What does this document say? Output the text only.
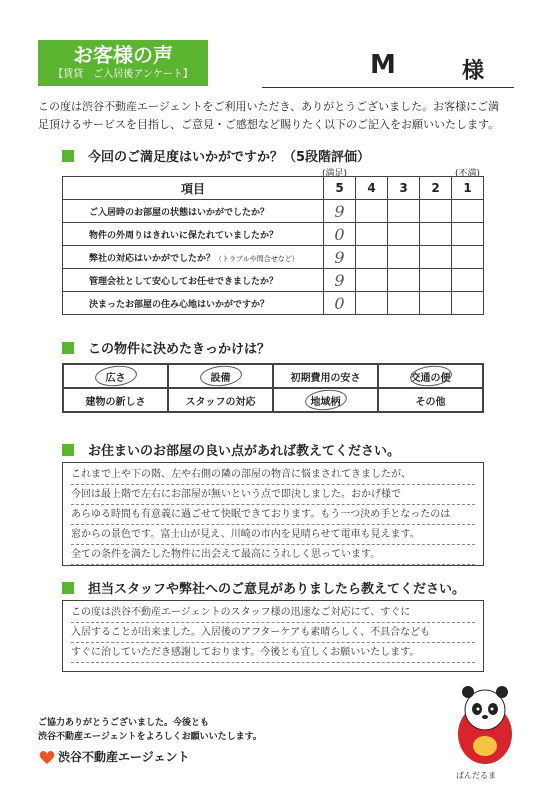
お客様の声
【賃貸　ご入居後アンケート】	M	様
この度は渋谷不動産エージェントをご利用いただき、ありがとうございました。お客様にご満
足頂けるサービスを目指し、ご意見・ご感想など賜りたく以下のご記入をお願いいたします。
今回のご満足度はいかがですか？（5段階評価）
(満足)	(不満)
項目	5	4	3	2	1
ご入居時のお部屋の状態はいかがでしたか？	9				
物件の外周りはきれいに保たれていましたか？	0				
弊社の対応はいかがでしたか？（トラブルや問合せなど）	9				
管理会社として安心してお任せできましたか？	9				
決まったお部屋の住み心地はいかがですか？	0				
この物件に決めたきっかけは？
広さ	設備	初期費用の安さ	交通の便
建物の新しさ	スタッフの対応	地域柄	その他
お住まいのお部屋の良い点があれば教えてください。
これまで上や下の階、左や右側の隣の部屋の物音に悩まされてきましたが、
今回は最上階で左右にお部屋が無いという点で即決しました。おかげ様で
あらゆる時間も有意義に過ごせて快眠できております。もう一つ決め手となったのは
窓からの景色です。富士山が見え、川崎の市内を見晴らせて電車も見えます。
全ての条件を満たした物件に出会えて最高にうれしく思っています。
担当スタッフや弊社へのご意見がありましたら教えてください。
この度は渋谷不動産エージェントのスタッフ様の迅速なご対応にて、すぐに
入居することが出来ました。入居後のアフターケアも素晴らしく、不具合なども
すぐに治していただき感謝しております。今後とも宜しくお願いいたします。
ご協力ありがとうございました。今後とも
渋谷不動産エージェントをよろしくお願いいたします。
渋谷不動産エージェント
ぱんだるま
